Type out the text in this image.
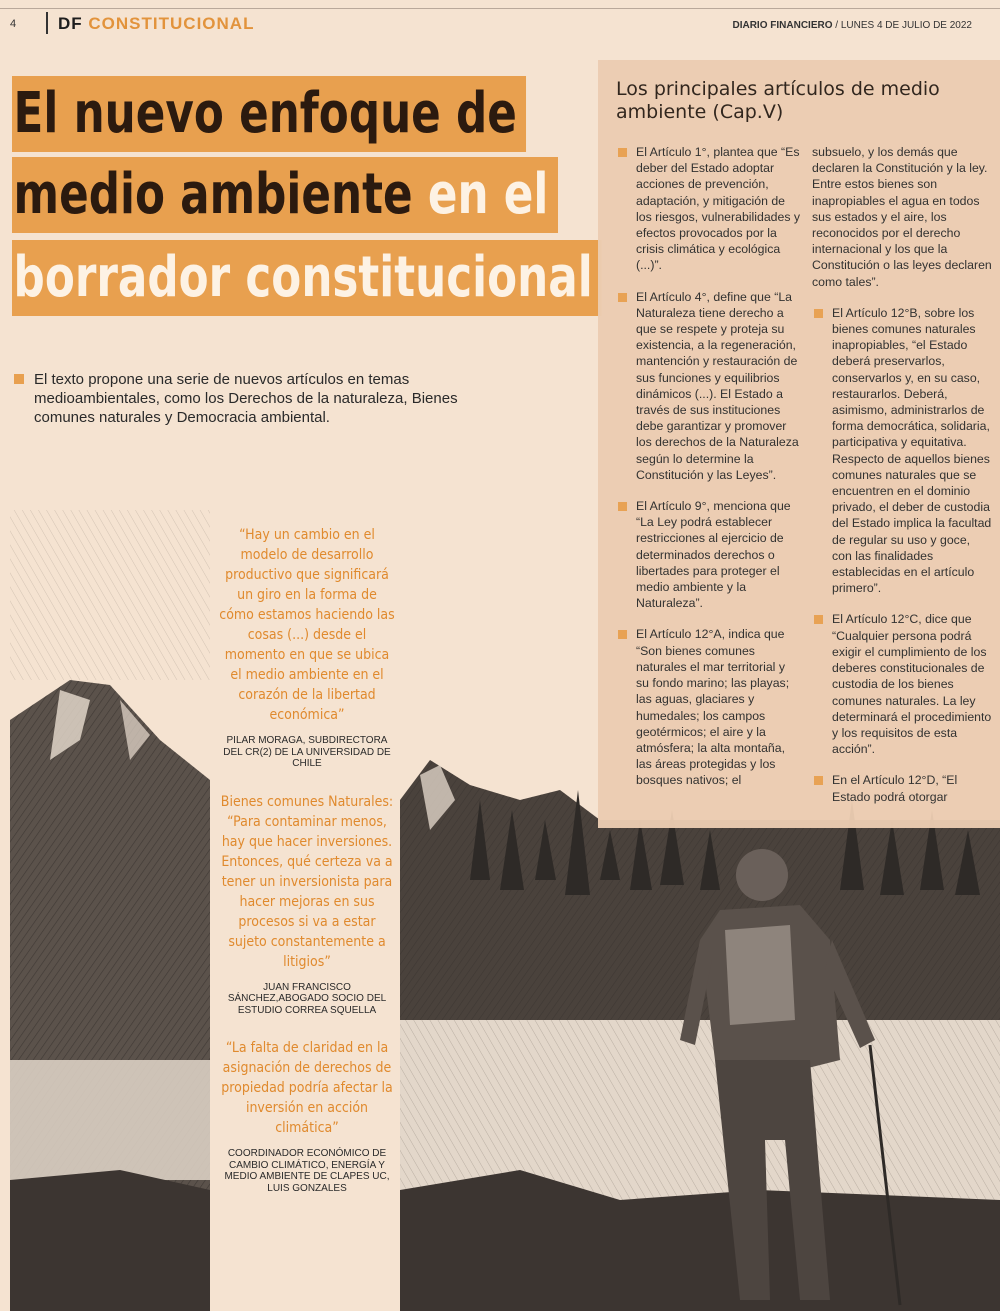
4 DF CONSTITUCIONAL	DIARIO FINANCIERO / LUNES 4 DE JULIO DE 2022
El nuevo enfoque de
medio ambiente en el
borrador constitucional

El texto propone una serie de nuevos artículos en temas medioambientales, como los Derechos de la naturaleza, Bienes comunes naturales y Democracia ambiental.

“Hay un cambio en el modelo de desarrollo productivo que significará un giro en la forma de cómo estamos haciendo las cosas (...) desde el momento en que se ubica el medio ambiente en el corazón de la libertad económica”

PILAR MORAGA, SUBDIRECTORA DEL CR(2) DE LA UNIVERSIDAD DE CHILE

Bienes comunes Naturales: “Para contaminar menos, hay que hacer inversiones. Entonces, qué certeza va a tener un inversionista para hacer mejoras en sus procesos si va a estar sujeto constantemente a litigios”

JUAN FRANCISCO SÁNCHEZ,ABOGADO SOCIO DEL ESTUDIO CORREA SQUELLA

“La falta de claridad en la asignación de derechos de propiedad podría afectar la inversión en acción climática”

COORDINADOR ECONÓMICO DE CAMBIO CLIMÁTICO, ENERGÍA Y MEDIO AMBIENTE DE CLAPES UC, LUIS GONZALES

Los principales artículos de medio ambiente (Cap.V)
El Artículo 1°, plantea que “Es deber del Estado adoptar acciones de prevención, adaptación, y mitigación de los riesgos, vulnerabilidades y efectos provocados por la crisis climática y ecológica (...)”.
El Artículo 4°, define que “La Naturaleza tiene derecho a que se respete y proteja su existencia, a la regeneración, mantención y restauración de sus funciones y equilibrios dinámicos (...). El Estado a través de sus instituciones debe garantizar y promover los derechos de la Naturaleza según lo determine la Constitución y las Leyes”.
El Artículo 9°, menciona que “La Ley podrá establecer restricciones al ejercicio de determinados derechos o libertades para proteger el medio ambiente y la Naturaleza”.
El Artículo 12°A, indica que “Son bienes comunes naturales el mar territorial y su fondo marino; las playas; las aguas, glaciares y humedales; los campos geotérmicos; el aire y la atmósfera; la alta montaña, las áreas protegidas y los bosques nativos; el
subsuelo, y los demás que declaren la Constitución y la ley. Entre estos bienes son inapropiables el agua en todos sus estados y el aire, los reconocidos por el derecho internacional y los que la Constitución o las leyes declaren como tales”.
El Artículo 12°B, sobre los bienes comunes naturales inapropiables, “el Estado deberá preservarlos, conservarlos y, en su caso, restaurarlos. Deberá, asimismo, administrarlos de forma democrática, solidaria, participativa y equitativa. Respecto de aquellos bienes comunes naturales que se encuentren en el dominio privado, el deber de custodia del Estado implica la facultad de regular su uso y goce, con las finalidades establecidas en el artículo primero”.
El Artículo 12°C, dice que “Cualquier persona podrá exigir el cumplimiento de los deberes constitucionales de custodia de los bienes comunes naturales. La ley determinará el procedimiento y los requisitos de esta acción”.
En el Artículo 12°D, “El Estado podrá otorgar
